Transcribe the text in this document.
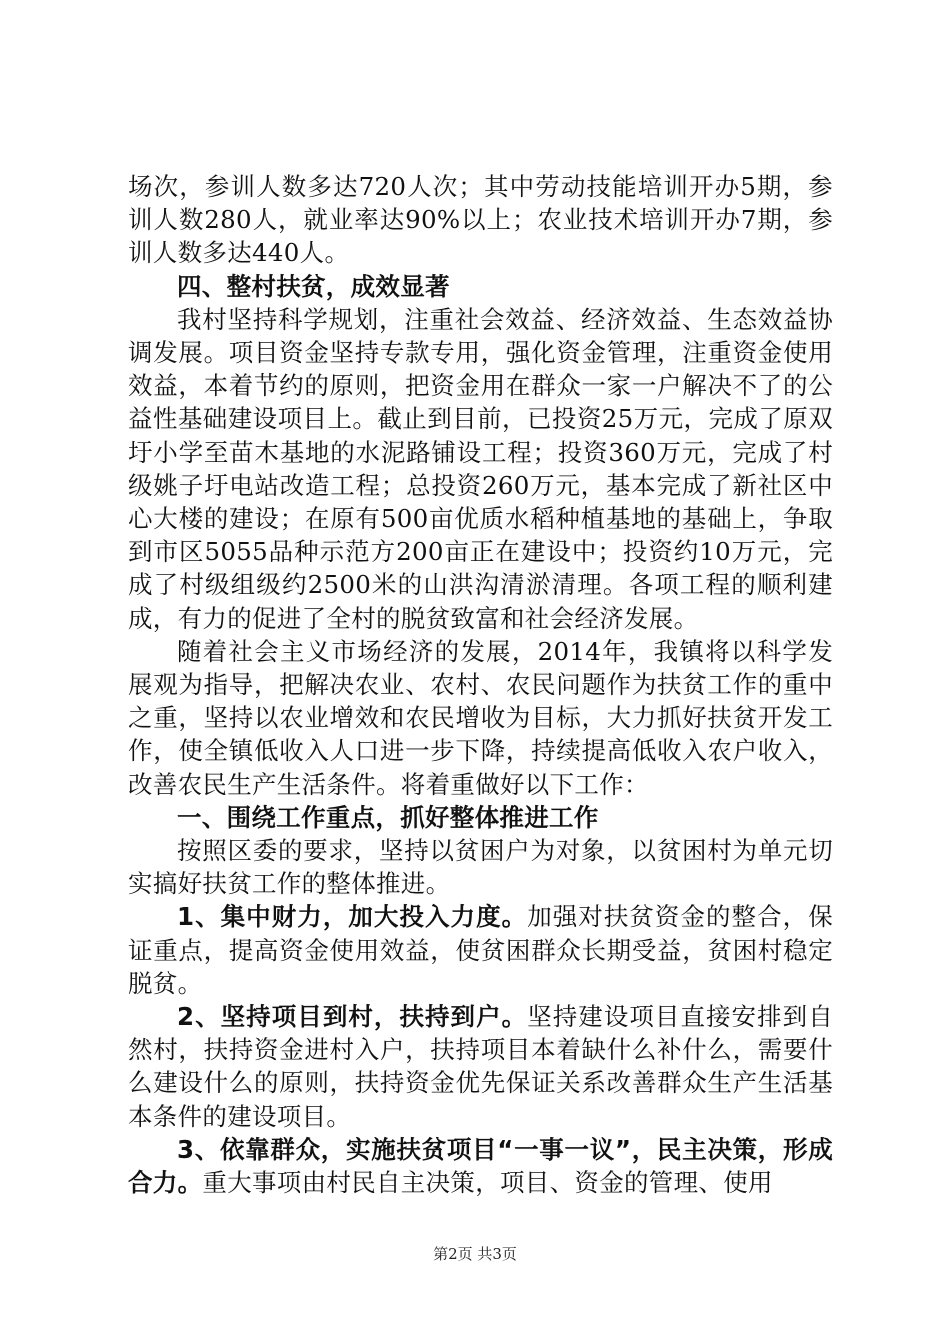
场次，参训人数多达720人次；其中劳动技能培训开办5期，参训人数280人，就业率达90%以上；农业技术培训开办7期，参训人数多达440人。

四、整村扶贫，成效显著

我村坚持科学规划，注重社会效益、经济效益、生态效益协调发展。项目资金坚持专款专用，强化资金管理，注重资金使用效益，本着节约的原则，把资金用在群众一家一户解决不了的公益性基础建设项目上。截止到目前，已投资25万元，完成了原双圩小学至苗木基地的水泥路铺设工程；投资360万元，完成了村级姚子圩电站改造工程；总投资260万元，基本完成了新社区中心大楼的建设；在原有500亩优质水稻种植基地的基础上，争取到市区5055品种示范方200亩正在建设中；投资约10万元，完成了村级组级约2500米的山洪沟清淤清理。各项工程的顺利建成，有力的促进了全村的脱贫致富和社会经济发展。

随着社会主义市场经济的发展，2014年，我镇将以科学发展观为指导，把解决农业、农村、农民问题作为扶贫工作的重中之重，坚持以农业增效和农民增收为目标，大力抓好扶贫开发工作，使全镇低收入人口进一步下降，持续提高低收入农户收入，改善农民生产生活条件。将着重做好以下工作：

一、围绕工作重点，抓好整体推进工作

按照区委的要求，坚持以贫困户为对象，以贫困村为单元切实搞好扶贫工作的整体推进。

1、集中财力，加大投入力度。加强对扶贫资金的整合，保证重点，提高资金使用效益，使贫困群众长期受益，贫困村稳定脱贫。

2、坚持项目到村，扶持到户。坚持建设项目直接安排到自然村，扶持资金进村入户，扶持项目本着缺什么补什么，需要什么建设什么的原则，扶持资金优先保证关系改善群众生产生活基本条件的建设项目。

3、依靠群众，实施扶贫项目“一事一议”，民主决策，形成合力。重大事项由村民自主决策，项目、资金的管理、使用

第2页 共3页
